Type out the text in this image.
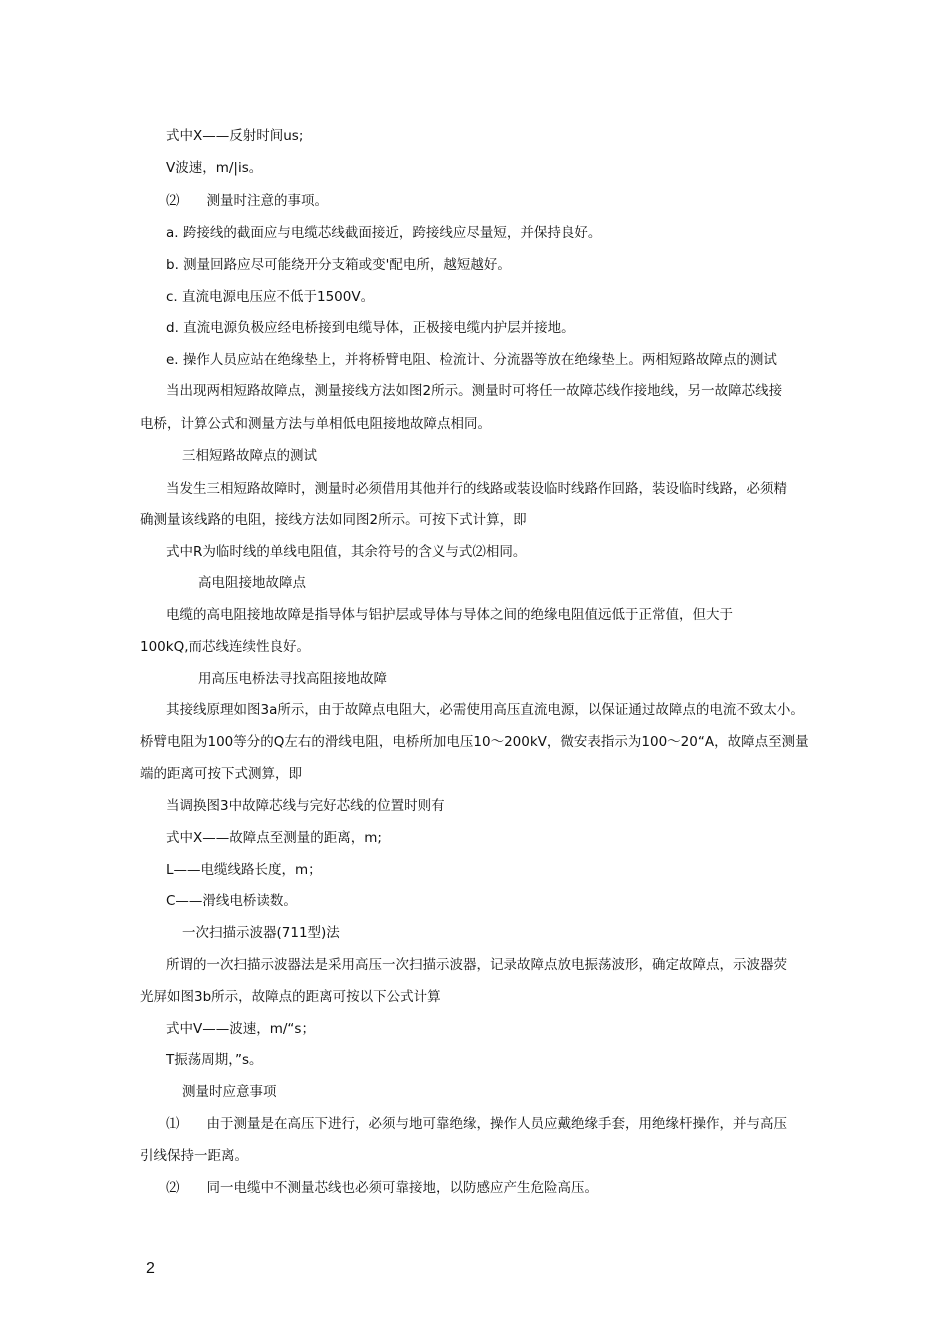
式中X——反射时间us;
V波速，m/|is。
⑵　　测量时注意的事项。
a. 跨接线的截面应与电缆芯线截面接近，跨接线应尽量短，并保持良好。
b. 测量回路应尽可能绕开分支箱或变'配电所，越短越好。
c. 直流电源电压应不低于1500V。
d. 直流电源负极应经电桥接到电缆导体，正极接电缆内护层并接地。
e. 操作人员应站在绝缘垫上，并将桥臂电阻、检流计、分流器等放在绝缘垫上。两相短路故障点的测试
当出现两相短路故障点，测量接线方法如图2所示。测量时可将任一故障芯线作接地线，另一故障芯线接
电桥，计算公式和测量方法与单相低电阻接地故障点相同。
三相短路故障点的测试
当发生三相短路故障时，测量时必须借用其他并行的线路或装设临时线路作回路，装设临时线路，必须精
确测量该线路的电阻，接线方法如同图2所示。可按下式计算，即
式中R为临时线的单线电阻值，其余符号的含义与式⑵相同。
高电阻接地故障点
电缆的高电阻接地故障是指导体与铝护层或导体与导体之间的绝缘电阻值远低于正常值，但大于
100kQ,而芯线连续性良好。
用高压电桥法寻找高阻接地故障
其接线原理如图3a所示，由于故障点电阻大，必需使用高压直流电源，以保证通过故障点的电流不致太小。
桥臂电阻为100等分的Q左右的滑线电阻，电桥所加电压10～200kV，微安表指示为100～20“A，故障点至测量
端的距离可按下式测算，即
当调换图3中故障芯线与完好芯线的位置时则有
式中X——故障点至测量的距离，m;
L——电缆线路长度，m；
C——滑线电桥读数。
一次扫描示波器(711型)法
所谓的一次扫描示波器法是采用高压一次扫描示波器，记录故障点放电振荡波形，确定故障点，示波器荧
光屏如图3b所示，故障点的距离可按以下公式计算
式中V——波速，m/“s；
T振荡周期，”s。
测量时应意事项
⑴　　由于测量是在高压下进行，必须与地可靠绝缘，操作人员应戴绝缘手套，用绝缘杆操作，并与高压
引线保持一距离。
⑵　　同一电缆中不测量芯线也必须可靠接地，以防感应产生危险高压。
2
